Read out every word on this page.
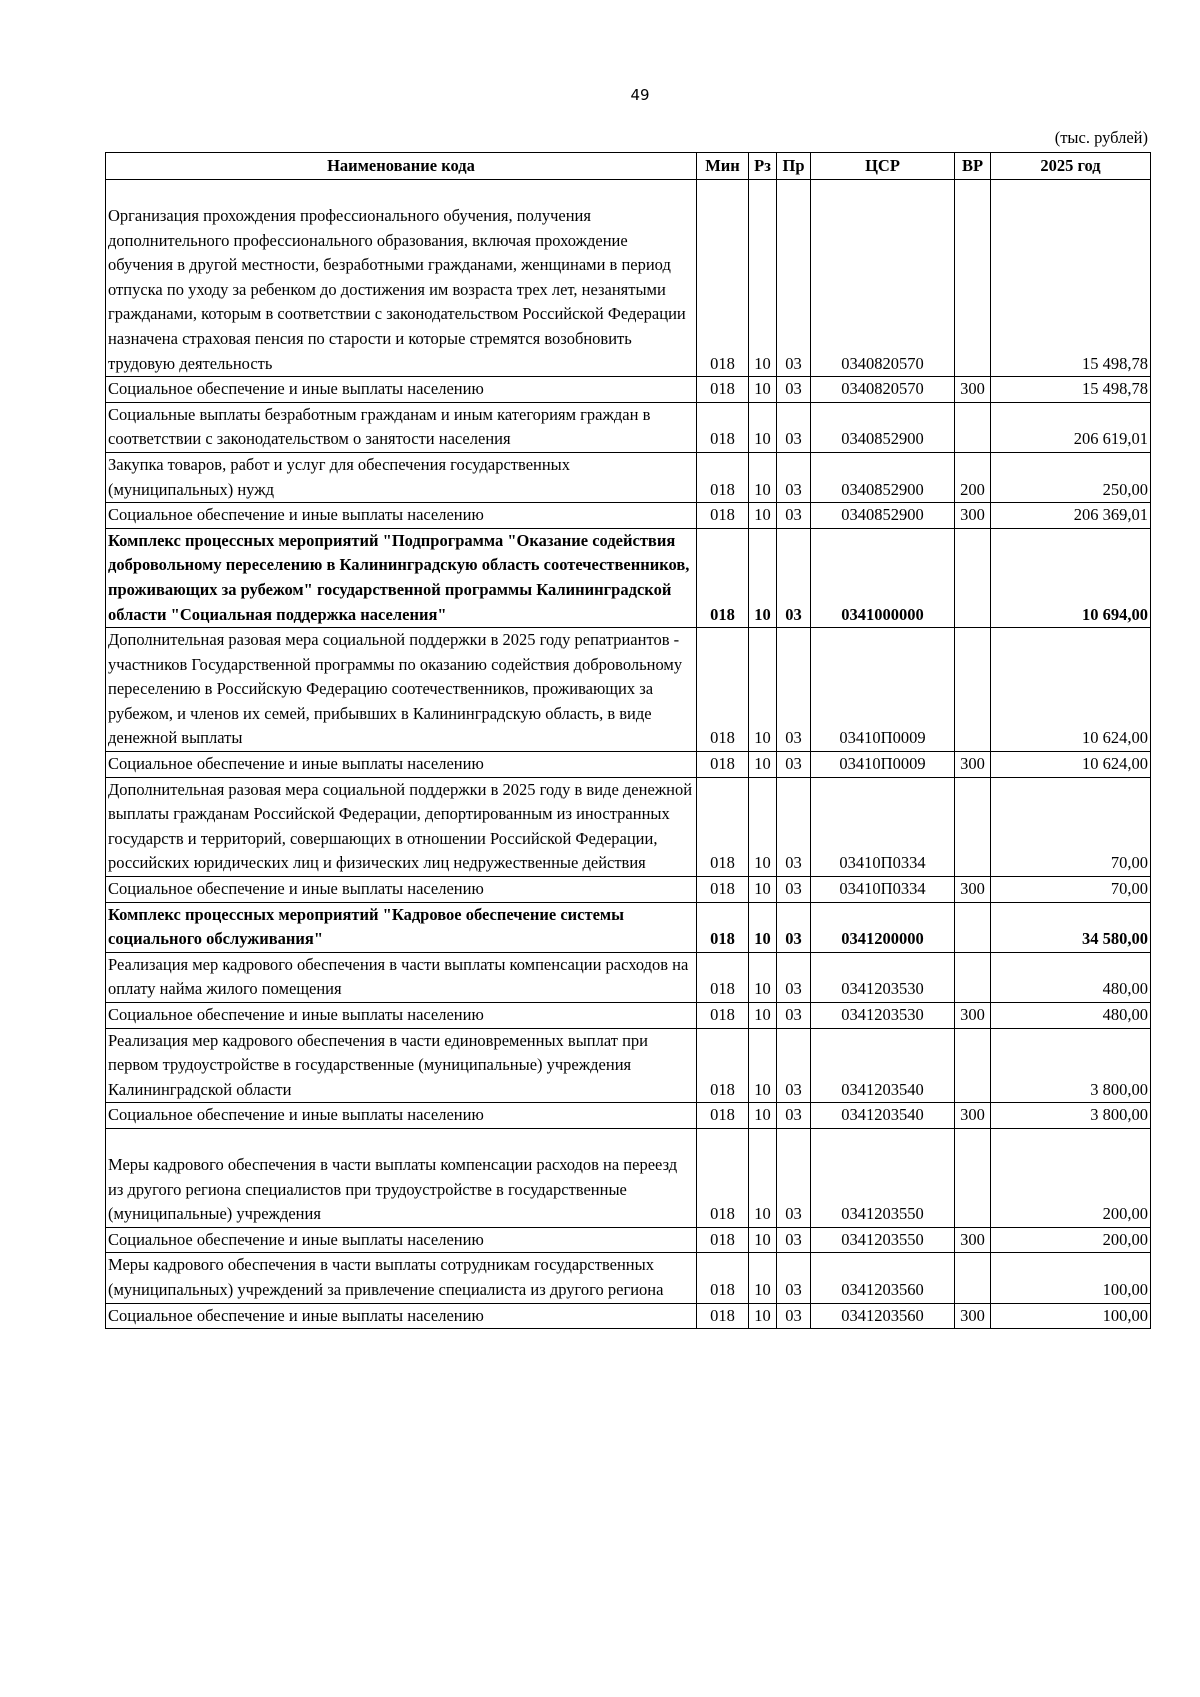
49
(тыс. рублей)
Наименование кода	Мин	Рз	Пр	ЦСР	ВР	2025 год

Организация прохождения профессионального обучения, получения дополнительного профессионального образования, включая прохождение обучения в другой местности, безработными гражданами, женщинами в период отпуска по уходу за ребенком до достижения им возраста трех лет, незанятыми гражданами, которым в соответствии с законодательством Российской Федерации назначена страховая пенсия по старости и которые стремятся возобновить трудовую деятельность	018	10	03	0340820570		15 498,78
Социальное обеспечение и иные выплаты населению	018	10	03	0340820570	300	15 498,78
Социальные выплаты безработным гражданам и иным категориям граждан в соответствии с законодательством о занятости населения	018	10	03	0340852900		206 619,01
Закупка товаров, работ и услуг для обеспечения государственных (муниципальных) нужд	018	10	03	0340852900	200	250,00
Социальное обеспечение и иные выплаты населению	018	10	03	0340852900	300	206 369,01
Комплекс процессных мероприятий "Подпрограмма "Оказание содействия добровольному переселению в Калининградскую область соотечественников, проживающих за рубежом" государственной программы Калининградской области "Социальная поддержка населения"	018	10	03	0341000000		10 694,00
Дополнительная разовая мера социальной поддержки в 2025 году репатриантов - участников Государственной программы по оказанию содействия добровольному переселению в Российскую Федерацию соотечественников, проживающих за рубежом, и членов их семей, прибывших в Калининградскую область, в виде денежной выплаты	018	10	03	03410П0009		10 624,00
Социальное обеспечение и иные выплаты населению	018	10	03	03410П0009	300	10 624,00
Дополнительная разовая мера социальной поддержки в 2025 году в виде денежной выплаты гражданам Российской Федерации, депортированным из иностранных государств и территорий, совершающих в отношении Российской Федерации, российских юридических лиц и физических лиц недружественные действия	018	10	03	03410П0334		70,00
Социальное обеспечение и иные выплаты населению	018	10	03	03410П0334	300	70,00
Комплекс процессных мероприятий "Кадровое обеспечение системы социального обслуживания"	018	10	03	0341200000		34 580,00
Реализация мер кадрового обеспечения в части выплаты компенсации расходов на оплату найма жилого помещения	018	10	03	0341203530		480,00
Социальное обеспечение и иные выплаты населению	018	10	03	0341203530	300	480,00
Реализация мер кадрового обеспечения в части единовременных выплат при первом трудоустройстве в государственные (муниципальные) учреждения Калининградской области	018	10	03	0341203540		3 800,00
Социальное обеспечение и иные выплаты населению	018	10	03	0341203540	300	3 800,00

Меры кадрового обеспечения в части выплаты компенсации расходов на переезд из другого региона специалистов при трудоустройстве в государственные (муниципальные) учреждения	018	10	03	0341203550		200,00
Социальное обеспечение и иные выплаты населению	018	10	03	0341203550	300	200,00
Меры кадрового обеспечения в части выплаты сотрудникам государственных (муниципальных) учреждений за привлечение специалиста из другого региона	018	10	03	0341203560		100,00
Социальное обеспечение и иные выплаты населению	018	10	03	0341203560	300	100,00
